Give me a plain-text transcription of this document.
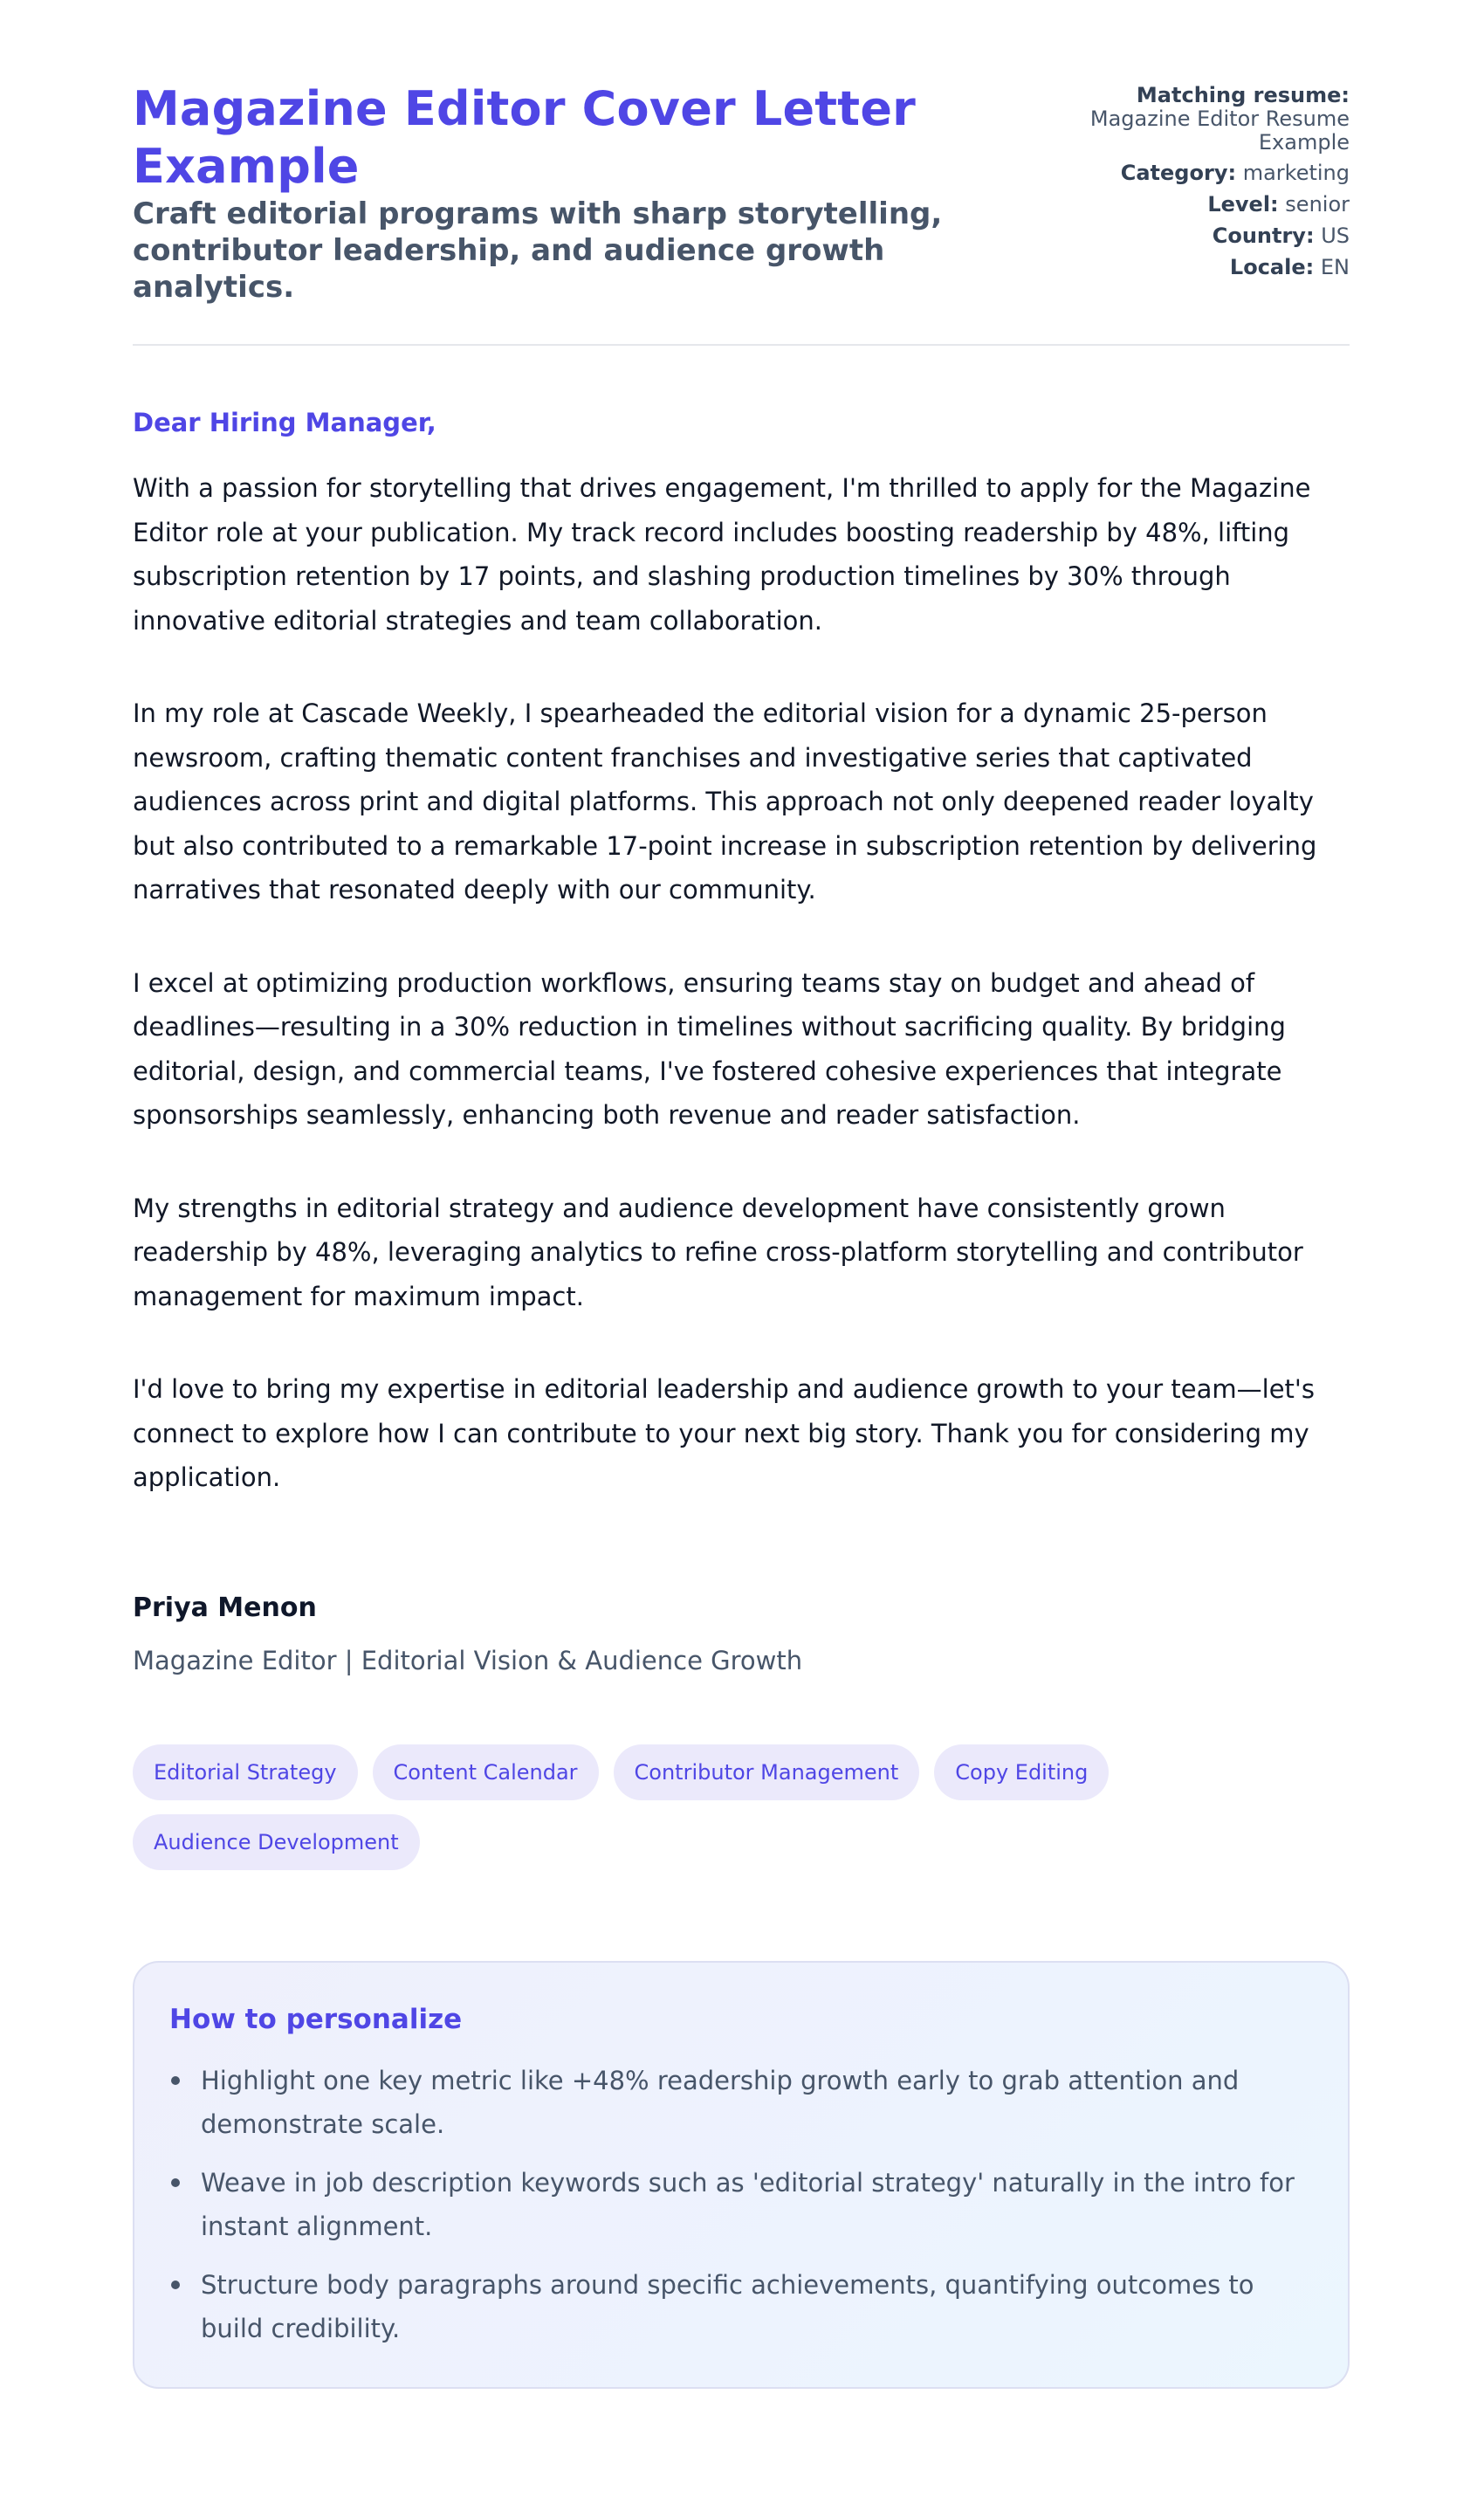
Magazine Editor Cover Letter Example
Craft editorial programs with sharp storytelling, contributor leadership, and audience growth analytics.
Matching resume:
Magazine Editor Resume Example
Category: marketing
Level: senior
Country: US
Locale: EN
Dear Hiring Manager,

With a passion for storytelling that drives engagement, I'm thrilled to apply for the Magazine Editor role at your publication. My track record includes boosting readership by 48%, lifting subscription retention by 17 points, and slashing production timelines by 30% through innovative editorial strategies and team collaboration.

In my role at Cascade Weekly, I spearheaded the editorial vision for a dynamic 25-person newsroom, crafting thematic content franchises and investigative series that captivated audiences across print and digital platforms. This approach not only deepened reader loyalty but also contributed to a remarkable 17-point increase in subscription retention by delivering narratives that resonated deeply with our community.

I excel at optimizing production workflows, ensuring teams stay on budget and ahead of deadlines—resulting in a 30% reduction in timelines without sacrificing quality. By bridging editorial, design, and commercial teams, I've fostered cohesive experiences that integrate sponsorships seamlessly, enhancing both revenue and reader satisfaction.

My strengths in editorial strategy and audience development have consistently grown readership by 48%, leveraging analytics to refine cross-platform storytelling and contributor management for maximum impact.

I'd love to bring my expertise in editorial leadership and audience growth to your team—let's connect to explore how I can contribute to your next big story. Thank you for considering my application.

Priya Menon
Magazine Editor | Editorial Vision & Audience Growth
Editorial Strategy	Content Calendar	Contributor Management	Copy Editing
Audience Development
How to personalize
Highlight one key metric like +48% readership growth early to grab attention and demonstrate scale.
Weave in job description keywords such as 'editorial strategy' naturally in the intro for instant alignment.
Structure body paragraphs around specific achievements, quantifying outcomes to build credibility.
